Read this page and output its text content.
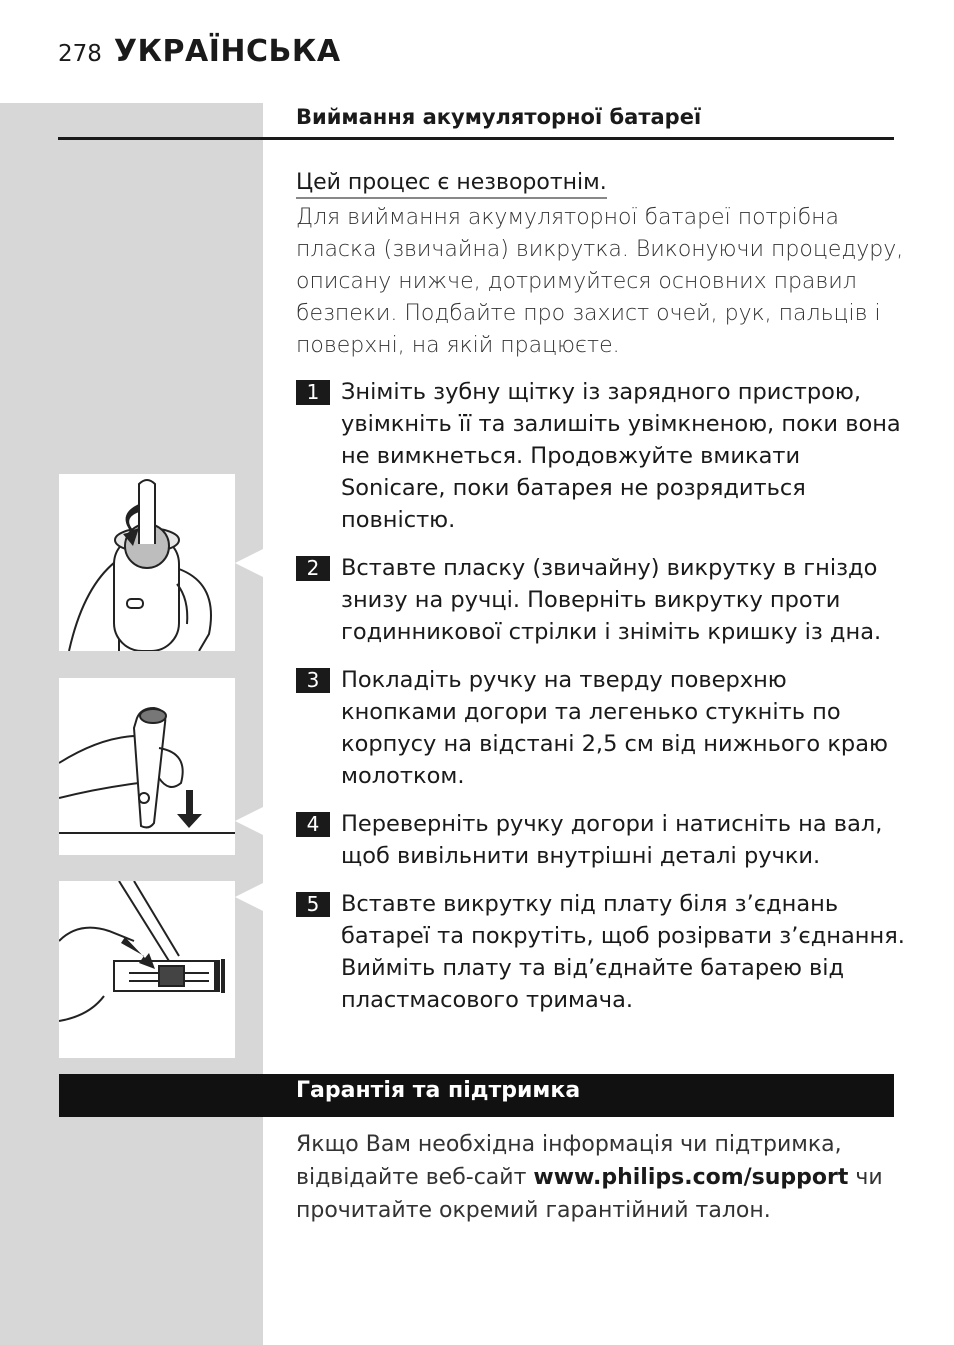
278 УКРАЇНСЬКА
Виймання акумуляторної батареї
Цей процес є незворотнім.
Для виймання акумуляторної батареї потрібна пласка (звичайна) викрутка. Виконуючи процедуру, описану нижче, дотримуйтеся основних правил безпеки. Подбайте про захист очей, рук, пальців і поверхні, на якій працюєте.
1 Зніміть зубну щітку із зарядного пристрою, увімкніть її та залишіть увімкненою, поки вона не вимкнеться. Продовжуйте вмикати Sonicare, поки батарея не розрядиться повністю.
2 Вставте пласку (звичайну) викрутку в гніздо знизу на ручці. Поверніть викрутку проти годинникової стрілки і зніміть кришку із дна.
3 Покладіть ручку на тверду поверхню кнопками догори та легенько стукніть по корпусу на відстані 2,5 см від нижнього краю молотком.
4 Переверніть ручку догори і натисніть на вал, щоб вивільнити внутрішні деталі ручки.
5 Вставте викрутку під плату біля з’єднань батареї та покрутіть, щоб розірвати з’єднання. Вийміть плату та від’єднайте батарею від пластмасового тримача.
Гарантія та підтримка
Якщо Вам необхідна інформація чи підтримка, відвідайте веб-сайт www.philips.com/support чи прочитайте окремий гарантійний талон.
